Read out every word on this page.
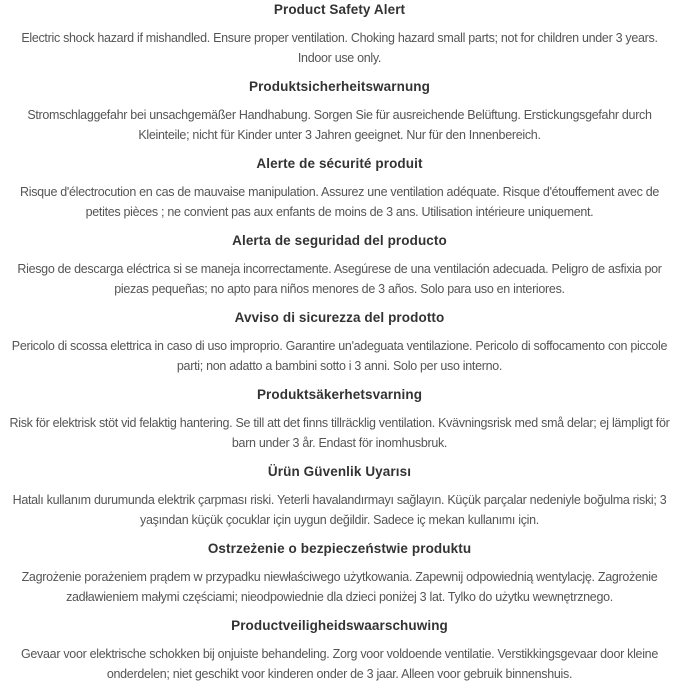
Product Safety Alert

Electric shock hazard if mishandled. Ensure proper ventilation. Choking hazard small parts; not for children under 3 years. Indoor use only.

Produktsicherheitswarnung

Stromschlaggefahr bei unsachgemäßer Handhabung. Sorgen Sie für ausreichende Belüftung. Erstickungsgefahr durch Kleinteile; nicht für Kinder unter 3 Jahren geeignet. Nur für den Innenbereich.

Alerte de sécurité produit

Risque d'électrocution en cas de mauvaise manipulation. Assurez une ventilation adéquate. Risque d'étouffement avec de petites pièces ; ne convient pas aux enfants de moins de 3 ans. Utilisation intérieure uniquement.

Alerta de seguridad del producto

Riesgo de descarga eléctrica si se maneja incorrectamente. Asegúrese de una ventilación adecuada. Peligro de asfixia por piezas pequeñas; no apto para niños menores de 3 años. Solo para uso en interiores.

Avviso di sicurezza del prodotto

Pericolo di scossa elettrica in caso di uso improprio. Garantire un'adeguata ventilazione. Pericolo di soffocamento con piccole parti; non adatto a bambini sotto i 3 anni. Solo per uso interno.

Produktsäkerhetsvarning

Risk för elektrisk stöt vid felaktig hantering. Se till att det finns tillräcklig ventilation. Kvävningsrisk med små delar; ej lämpligt för barn under 3 år. Endast för inomhusbruk.

Ürün Güvenlik Uyarısı

Hatalı kullanım durumunda elektrik çarpması riski. Yeterli havalandırmayı sağlayın. Küçük parçalar nedeniyle boğulma riski; 3 yaşından küçük çocuklar için uygun değildir. Sadece iç mekan kullanımı için.

Ostrzeżenie o bezpieczeństwie produktu

Zagrożenie porażeniem prądem w przypadku niewłaściwego użytkowania. Zapewnij odpowiednią wentylację. Zagrożenie zadławieniem małymi częściami; nieodpowiednie dla dzieci poniżej 3 lat. Tylko do użytku wewnętrznego.

Productveiligheidswaarschuwing

Gevaar voor elektrische schokken bij onjuiste behandeling. Zorg voor voldoende ventilatie. Verstikkingsgevaar door kleine onderdelen; niet geschikt voor kinderen onder de 3 jaar. Alleen voor gebruik binnenshuis.
